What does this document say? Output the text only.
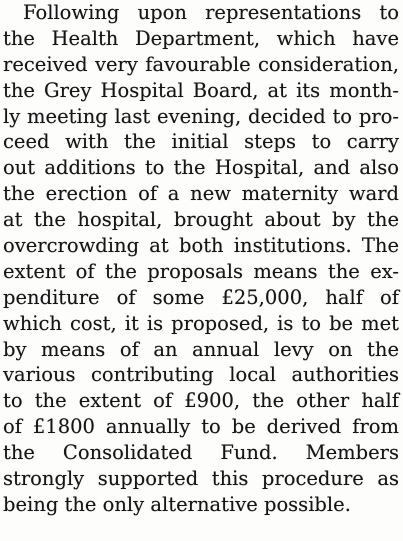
Following upon representations to
the Health Department, which have
received very favourable consideration,
the Grey Hospital Board, at its month-
ly meeting last evening, decided to pro-
ceed with the initial steps to carry
out additions to the Hospital, and also
the erection of a new maternity ward
at the hospital, brought about by the
overcrowding at both institutions. The
extent of the proposals means the ex-
penditure of some £25,000, half of
which cost, it is proposed, is to be met
by means of an annual levy on the
various contributing local authorities
to the extent of £900, the other half
of £1800 annually to be derived from
the Consolidated Fund. Members
strongly supported this procedure as
being the only alternative possible.
